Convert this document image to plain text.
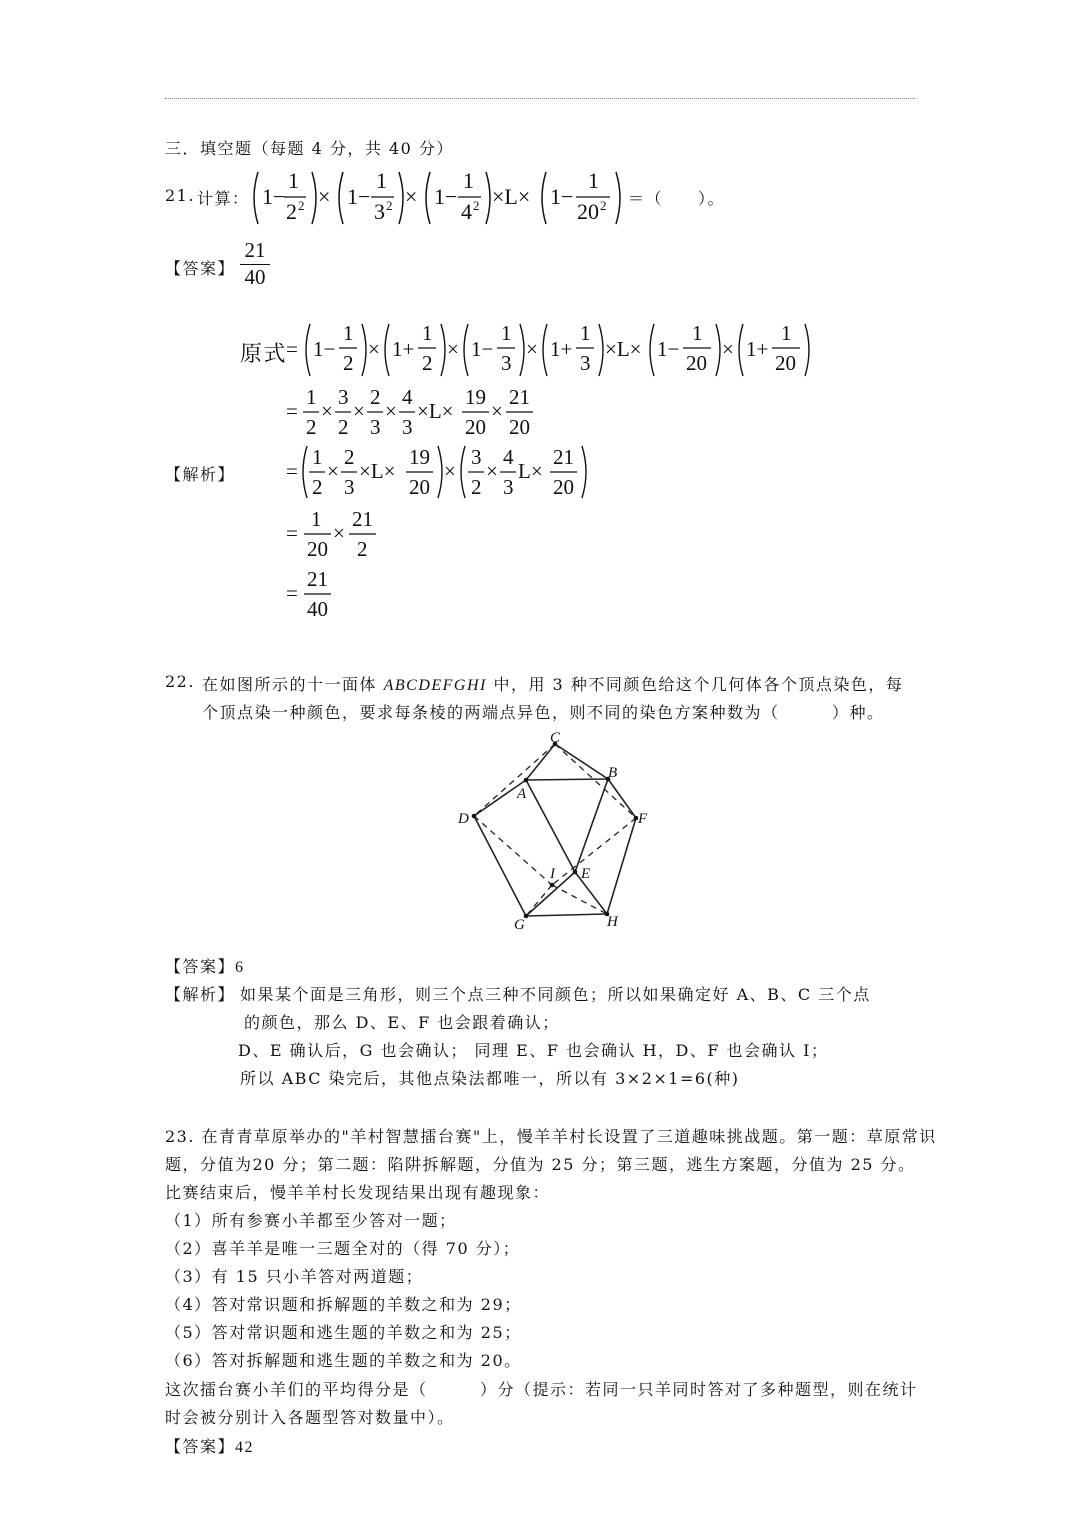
三．填空题（每题 4 分，共 40 分）
21. 计算： 1−
1
2 2 × 1−
1
3 2 × 1−
1
4 2 ×L× 1−
1
20 2 ＝（　　）。
【答案】
21
40
原式
【解析】
= 1−
1
2
× 1+
1
2
× 1−
1
3
× 1+
1
3
×L× 1−
1
20
× 1+
1
20
=
1
2
×
3
2
×
2
3
×
4
3
×L×
19
20
×
21
20
=
1
2
×
2
3
×L×
19
20
×
3
2
×
4
3
L×
21
20
=
1
20
×
21
2
=
21
40
22. 在如图所示的十一面体 ABCDEFGHI 中，用 3 种不同颜色给这个几何体各个顶点染色，每
个顶点染一种颜色，要求每条棱的两端点异色，则不同的染色方案种数为（　　　）种。
C
B
A
D	F
I E
G	H
【答案】6
【解析】 如果某个面是三角形，则三个点三种不同颜色；所以如果确定好 A、B、C 三个点
的颜色，那么 D、E、F 也会跟着确认；
D、E 确认后，G 也会确认； 同理 E、F 也会确认 H，D、F 也会确认 I；
所以 ABC 染完后，其他点染法都唯一，所以有 3×2×1=6(种)
23. 在青青草原举办的"羊村智慧擂台赛"上，慢羊羊村长设置了三道趣味挑战题。第一题：草原常识
题，分值为20 分；第二题：陷阱拆解题，分值为 25 分；第三题，逃生方案题，分值为 25 分。
比赛结束后，慢羊羊村长发现结果出现有趣现象：
（1）所有参赛小羊都至少答对一题；
（2）喜羊羊是唯一三题全对的（得 70 分）；
（3）有 15 只小羊答对两道题；
（4）答对常识题和拆解题的羊数之和为 29；
（5）答对常识题和逃生题的羊数之和为 25；
（6）答对拆解题和逃生题的羊数之和为 20。
这次擂台赛小羊们的平均得分是（　　　）分（提示：若同一只羊同时答对了多种题型，则在统计
时会被分别计入各题型答对数量中）。
【答案】42
